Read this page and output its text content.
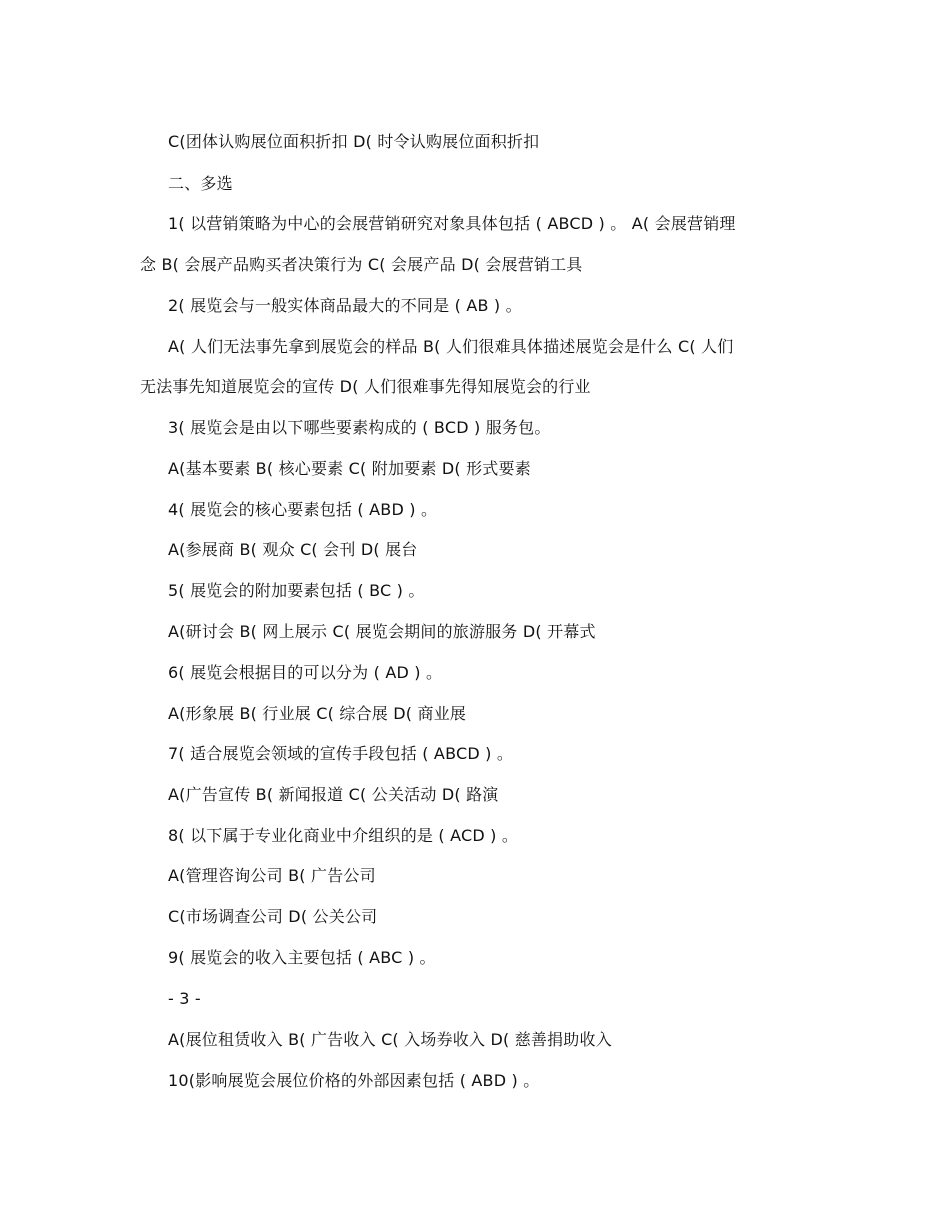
C(团体认购展位面积折扣 D( 时令认购展位面积折扣
二、多选
1( 以营销策略为中心的会展营销研究对象具体包括 ( ABCD ) 。 A( 会展营销理
念 B( 会展产品购买者决策行为 C( 会展产品 D( 会展营销工具
2( 展览会与一般实体商品最大的不同是 ( AB ) 。
A( 人们无法事先拿到展览会的样品 B( 人们很难具体描述展览会是什么 C( 人们
无法事先知道展览会的宣传 D( 人们很难事先得知展览会的行业
3( 展览会是由以下哪些要素构成的 ( BCD ) 服务包。
A(基本要素 B( 核心要素 C( 附加要素 D( 形式要素
4( 展览会的核心要素包括 ( ABD ) 。
A(参展商 B( 观众 C( 会刊 D( 展台
5( 展览会的附加要素包括 ( BC ) 。
A(研讨会 B( 网上展示 C( 展览会期间的旅游服务 D( 开幕式
6( 展览会根据目的可以分为 ( AD ) 。
A(形象展 B( 行业展 C( 综合展 D( 商业展
7( 适合展览会领域的宣传手段包括 ( ABCD ) 。
A(广告宣传 B( 新闻报道 C( 公关活动 D( 路演
8( 以下属于专业化商业中介组织的是 ( ACD ) 。
A(管理咨询公司 B( 广告公司
C(市场调查公司 D( 公关公司
9( 展览会的收入主要包括 ( ABC ) 。
- 3 -
A(展位租赁收入 B( 广告收入 C( 入场券收入 D( 慈善捐助收入
10(影响展览会展位价格的外部因素包括 ( ABD ) 。
